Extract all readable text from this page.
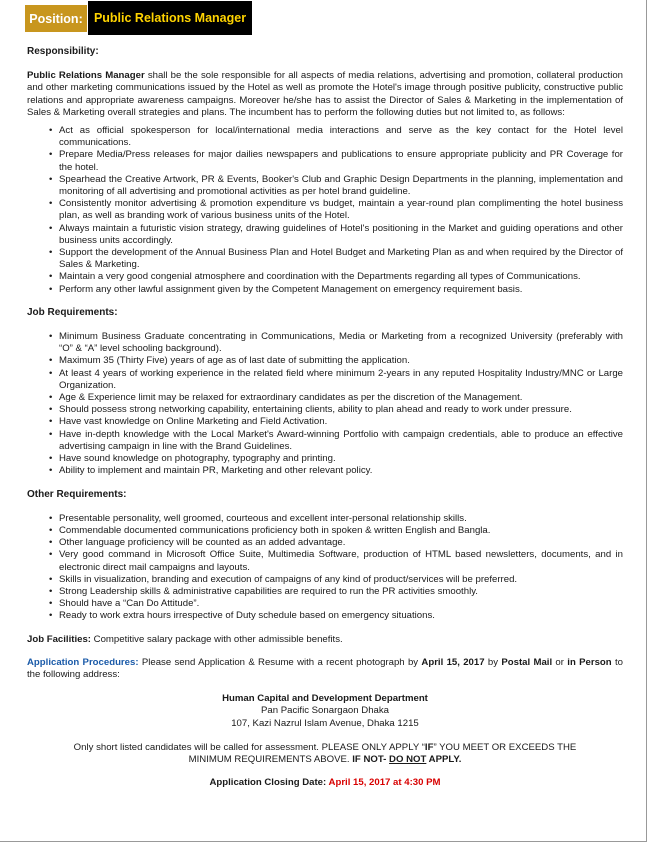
Position: Public Relations Manager
Responsibility:

Public Relations Manager shall be the sole responsible for all aspects of media relations, advertising and promotion, collateral production and other marketing communications issued by the Hotel as well as promote the Hotel's image through positive publicity, constructive public relations and appropriate awareness campaigns. Moreover he/she has to assist the Director of Sales & Marketing in the implementation of Sales & Marketing overall strategies and plans. The incumbent has to perform the following duties but not limited to, as follows:

• Act as official spokesperson for local/international media interactions and serve as the key contact for the Hotel level communications.
• Prepare Media/Press releases for major dailies newspapers and publications to ensure appropriate publicity and PR Coverage for the hotel.
• Spearhead the Creative Artwork, PR & Events, Booker's Club and Graphic Design Departments in the planning, implementation and monitoring of all advertising and promotional activities as per hotel brand guideline.
• Consistently monitor advertising & promotion expenditure vs budget, maintain a year-round plan complimenting the hotel business plan, as well as branding work of various business units of the Hotel.
• Always maintain a futuristic vision strategy, drawing guidelines of Hotel's positioning in the Market and guiding operations and other business units accordingly.
• Support the development of the Annual Business Plan and Hotel Budget and Marketing Plan as and when required by the Director of Sales & Marketing.
• Maintain a very good congenial atmosphere and coordination with the Departments regarding all types of Communications.
• Perform any other lawful assignment given by the Competent Management on emergency requirement basis.
Job Requirements:
• Minimum Business Graduate concentrating in Communications, Media or Marketing from a recognized University (preferably with “O” & “A” level schooling background).
• Maximum 35 (Thirty Five) years of age as of last date of submitting the application.
• At least 4 years of working experience in the related field where minimum 2-years in any reputed Hospitality Industry/MNC or Large Organization.
• Age & Experience limit may be relaxed for extraordinary candidates as per the discretion of the Management.
• Should possess strong networking capability, entertaining clients, ability to plan ahead and ready to work under pressure.
• Have vast knowledge on Online Marketing and Field Activation.
• Have in-depth knowledge with the Local Market's Award-winning Portfolio with campaign credentials, able to produce an effective advertising campaign in line with the Brand Guidelines.
• Have sound knowledge on photography, typography and printing.
• Ability to implement and maintain PR, Marketing and other relevant policy.
Other Requirements:
• Presentable personality, well groomed, courteous and excellent inter-personal relationship skills.
• Commendable documented communications proficiency both in spoken & written English and Bangla.
• Other language proficiency will be counted as an added advantage.
• Very good command in Microsoft Office Suite, Multimedia Software, production of HTML based newsletters, documents, and in electronic direct mail campaigns and layouts.
• Skills in visualization, branding and execution of campaigns of any kind of product/services will be preferred.
• Strong Leadership skills & administrative capabilities are required to run the PR activities smoothly.
• Should have a “Can Do Attitude”.
• Ready to work extra hours irrespective of Duty schedule based on emergency situations.

Job Facilities: Competitive salary package with other admissible benefits.

Application Procedures: Please send Application & Resume with a recent photograph by April 15, 2017 by Postal Mail or in Person to the following address:

Human Capital and Development Department
Pan Pacific Sonargaon Dhaka
107, Kazi Nazrul Islam Avenue, Dhaka 1215

Only short listed candidates will be called for assessment. PLEASE ONLY APPLY “IF” YOU MEET OR EXCEEDS THE MINIMUM REQUIREMENTS ABOVE. IF NOT- DO NOT APPLY.

Application Closing Date: April 15, 2017 at 4:30 PM
